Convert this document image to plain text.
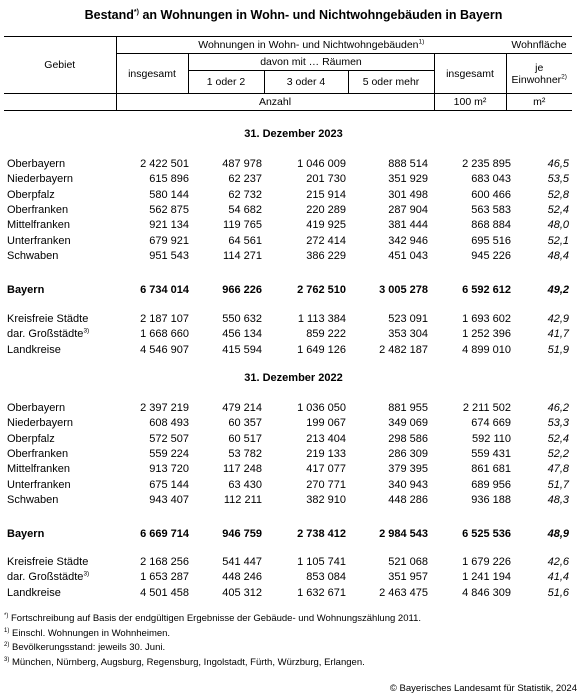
Bestand*) an Wohnungen in Wohn- und Nichtwohngebäuden in Bayern
Gebiet	Wohnungen in Wohn- und Nichtwohngebäuden$^{1)}$					Wohnfläche
	insgesamt	davon mit … Räumen			insgesamt	je Einwohner$^{2)}$
		1 oder 2	3 oder 4	5 oder mehr		
	Anzahl				100 m²	m²
31. Dezember 2023
Oberbayern	2 422 501	487 978	1 046 009	888 514	2 235 895	46,5
Niederbayern	615 896	62 237	201 730	351 929	683 043	53,5
Oberpfalz	580 144	62 732	215 914	301 498	600 466	52,8
Oberfranken	562 875	54 682	220 289	287 904	563 583	52,4
Mittelfranken	921 134	119 765	419 925	381 444	868 884	48,0
Unterfranken	679 921	64 561	272 414	342 946	695 516	52,1
Schwaben	951 543	114 271	386 229	451 043	945 226	48,4
Bayern	6 734 014	966 226	2 762 510	3 005 278	6 592 612	49,2
Kreisfreie Städte	2 187 107	550 632	1 113 384	523 091	1 693 602	42,9
dar. Großstädte$^{3)}$	1 668 660	456 134	859 222	353 304	1 252 396	41,7
Landkreise	4 546 907	415 594	1 649 126	2 482 187	4 899 010	51,9
31. Dezember 2022
Oberbayern	2 397 219	479 214	1 036 050	881 955	2 211 502	46,2
Niederbayern	608 493	60 357	199 067	349 069	674 669	53,3
Oberpfalz	572 507	60 517	213 404	298 586	592 110	52,4
Oberfranken	559 224	53 782	219 133	286 309	559 431	52,2
Mittelfranken	913 720	117 248	417 077	379 395	861 681	47,8
Unterfranken	675 144	63 430	270 771	340 943	689 956	51,7
Schwaben	943 407	112 211	382 910	448 286	936 188	48,3
Bayern	6 669 714	946 759	2 738 412	2 984 543	6 525 536	48,9
Kreisfreie Städte	2 168 256	541 447	1 105 741	521 068	1 679 226	42,6
dar. Großstädte$^{3)}$	1 653 287	448 246	853 084	351 957	1 241 194	41,4
Landkreise	4 501 458	405 312	1 632 671	2 463 475	4 846 309	51,6
*) Fortschreibung auf Basis der endgültigen Ergebnisse der Gebäude- und Wohnungszählung 2011.
$^{1)}$ Einschl. Wohnungen in Wohnheimen.
$^{2)}$ Bevölkerungsstand: jeweils 30. Juni.
$^{3)}$ München, Nürnberg, Augsburg, Regensburg, Ingolstadt, Fürth, Würzburg, Erlangen.
© Bayerisches Landesamt für Statistik, 2024
